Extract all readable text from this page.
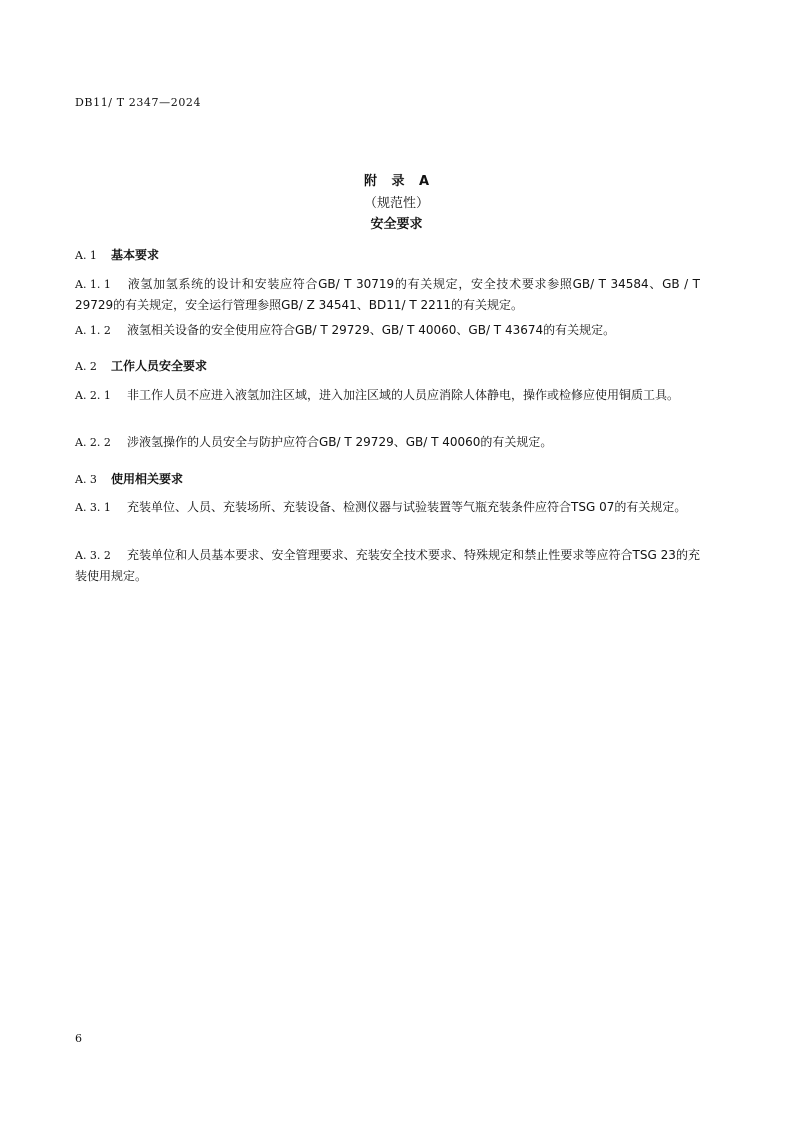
DB11/ T 2347—2024
附 录 A
（规范性）
安全要求
A. 1 基本要求
A. 1. 1 液氢加氢系统的设计和安装应符合GB/ T 30719的有关规定，安全技术要求参照GB/ T 34584、GB / T 29729的有关规定，安全运行管理参照GB/ Z 34541、BD11/ T 2211的有关规定。
A. 1. 2 液氢相关设备的安全使用应符合GB/ T 29729、GB/ T 40060、GB/ T 43674的有关规定。
A. 2 工作人员安全要求
A. 2. 1 非工作人员不应进入液氢加注区域，进入加注区域的人员应消除人体静电，操作或检修应使用铜质工具。
A. 2. 2 涉液氢操作的人员安全与防护应符合GB/ T 29729、GB/ T 40060的有关规定。
A. 3 使用相关要求
A. 3. 1 充装单位、人员、充装场所、充装设备、检测仪器与试验装置等气瓶充装条件应符合TSG 07的有关规定。
A. 3. 2 充装单位和人员基本要求、安全管理要求、充装安全技术要求、特殊规定和禁止性要求等应符合TSG 23的充装使用规定。
6
